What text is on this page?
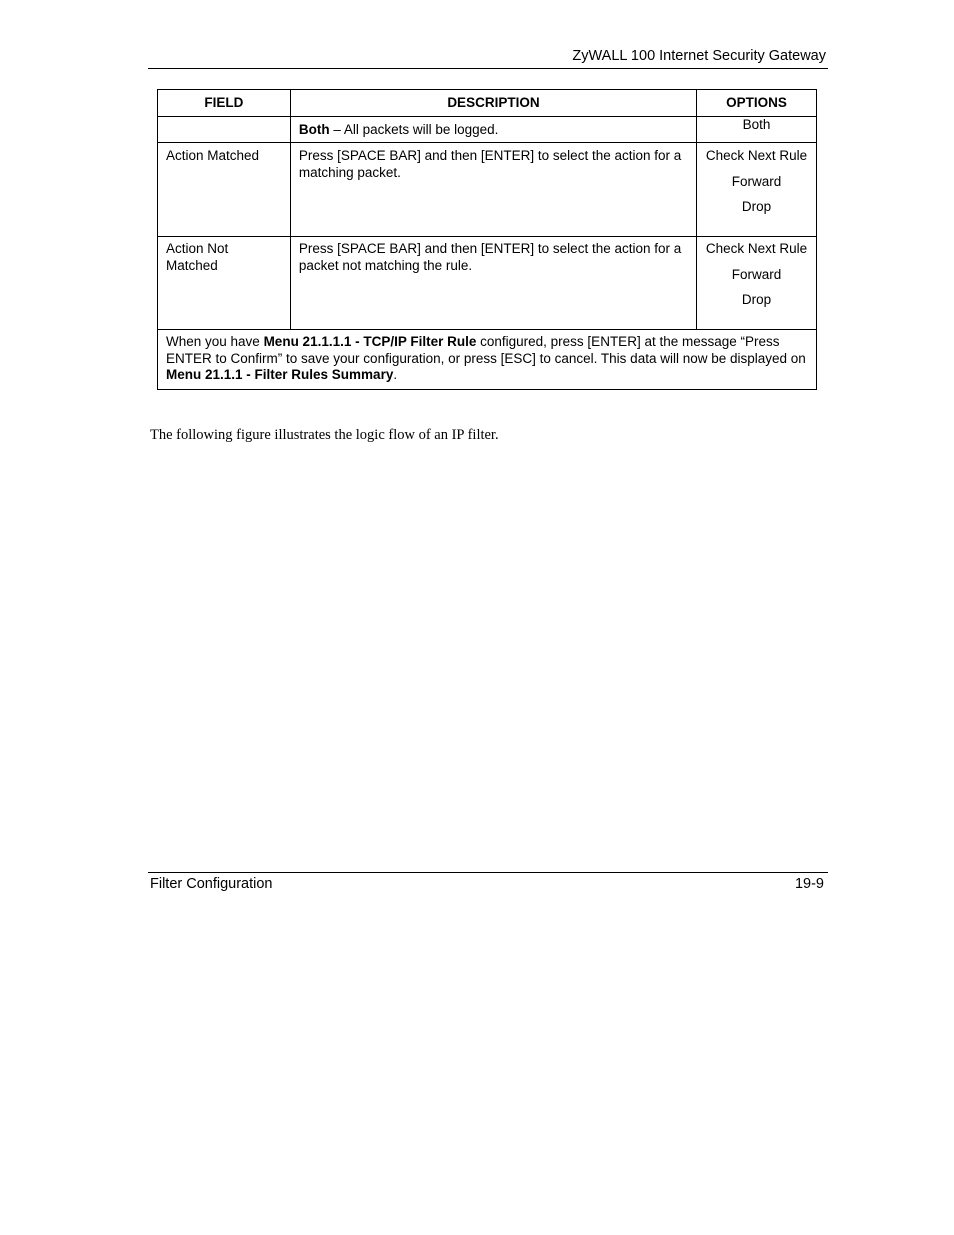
ZyWALL 100 Internet Security Gateway
FIELD	DESCRIPTION	OPTIONS
	Both – All packets will be logged.	Both

Action Matched	Press [SPACE BAR] and then [ENTER] to select the action for a matching packet.	Check Next Rule
Forward
Drop

Action Not Matched	Press [SPACE BAR] and then [ENTER] to select the action for a packet not matching the rule.	Check Next Rule
Forward
Drop

When you have Menu 21.1.1.1 - TCP/IP Filter Rule configured, press [ENTER] at the message “Press ENTER to Confirm” to save your configuration, or press [ESC] to cancel. This data will now be displayed on Menu 21.1.1 - Filter Rules Summary.		

The following figure illustrates the logic flow of an IP filter.

Filter Configuration	19-9
